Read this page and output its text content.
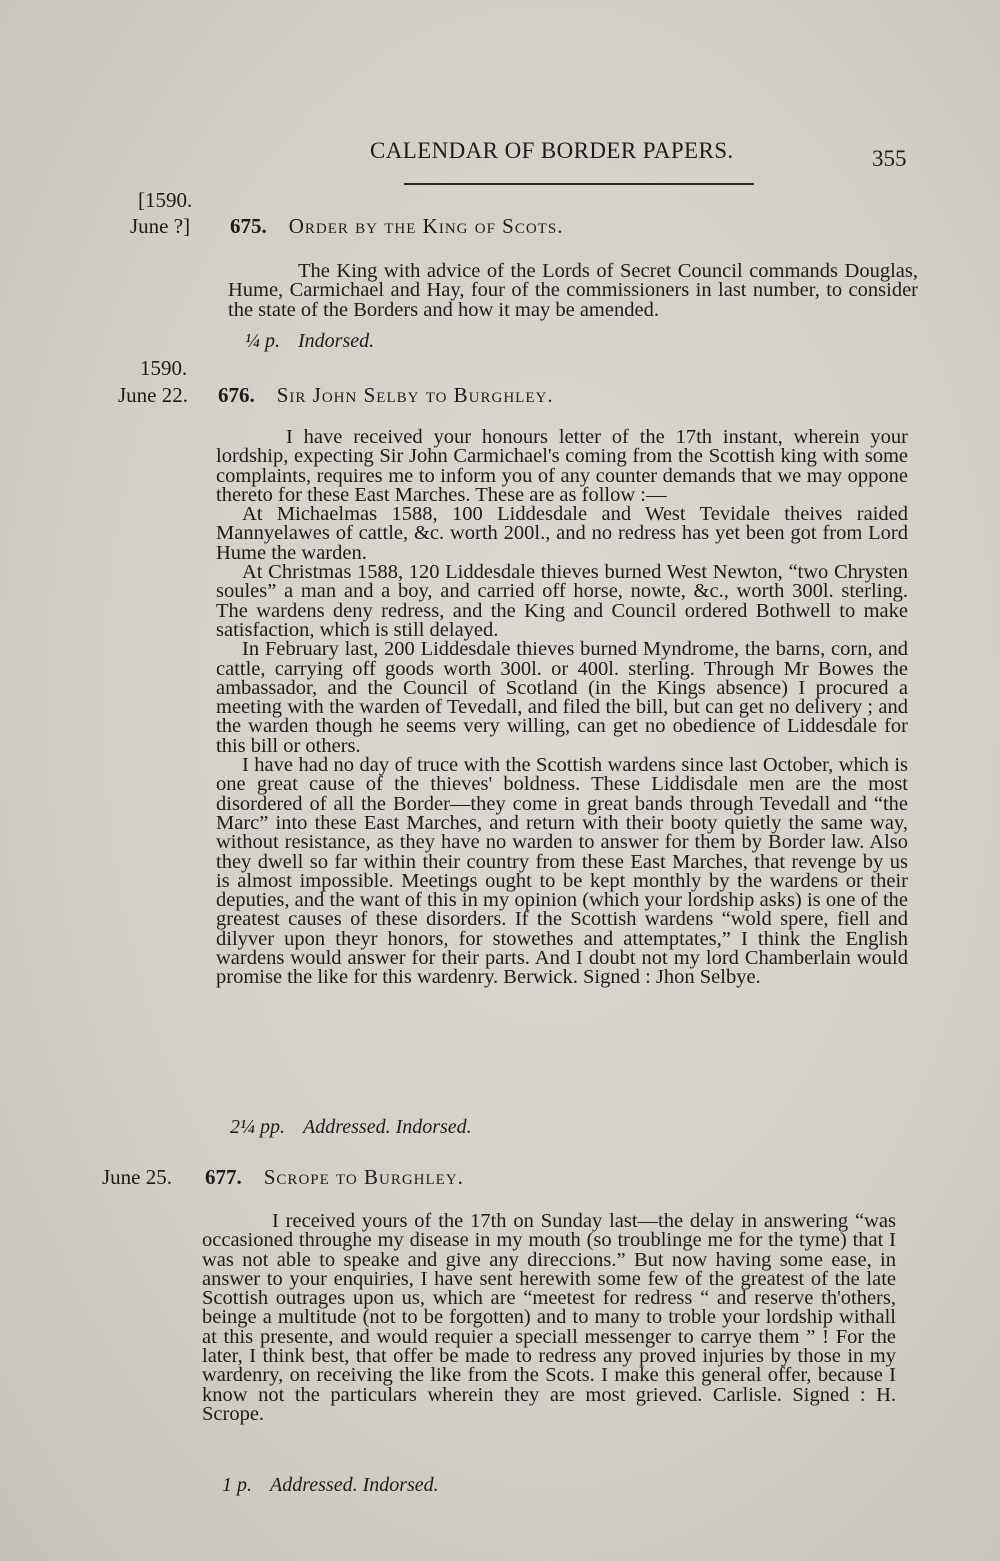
CALENDAR OF BORDER PAPERS.	355
[1590.
June ?] 675. Order by the King of Scots.

The King with advice of the Lords of Secret Council commands Douglas, Hume, Carmichael and Hay, four of the commissioners in last number, to consider the state of the Borders and how it may be amended.

¼ p. Indorsed.
1590.
June 22. 676. Sir John Selby to Burghley.

I have received your honours letter of the 17th instant, wherein your lordship, expecting Sir John Carmichael's coming from the Scottish king with some complaints, requires me to inform you of any counter demands that we may oppone thereto for these East Marches. These are as follow :—

At Michaelmas 1588, 100 Liddesdale and West Tevidale theives raided Mannyelawes of cattle, &c. worth 200l., and no redress has yet been got from Lord Hume the warden.

At Christmas 1588, 120 Liddesdale thieves burned West Newton, “two Chrysten soules” a man and a boy, and carried off horse, nowte, &c., worth 300l. sterling. The wardens deny redress, and the King and Council ordered Bothwell to make satisfaction, which is still delayed.

In February last, 200 Liddesdale thieves burned Myndrome, the barns, corn, and cattle, carrying off goods worth 300l. or 400l. sterling. Through Mr Bowes the ambassador, and the Council of Scotland (in the Kings absence) I procured a meeting with the warden of Tevedall, and filed the bill, but can get no delivery ; and the warden though he seems very willing, can get no obedience of Liddesdale for this bill or others.

I have had no day of truce with the Scottish wardens since last October, which is one great cause of the thieves' boldness. These Liddisdale men are the most disordered of all the Border—they come in great bands through Tevedall and “the Marc” into these East Marches, and return with their booty quietly the same way, without resistance, as they have no warden to answer for them by Border law. Also they dwell so far within their country from these East Marches, that revenge by us is almost impossible. Meetings ought to be kept monthly by the wardens or their deputies, and the want of this in my opinion (which your lordship asks) is one of the greatest causes of these disorders. If the Scottish wardens “wold spere, fiell and dilyver upon theyr honors, for stowethes and attemptates,” I think the English wardens would answer for their parts. And I doubt not my lord Chamberlain would promise the like for this wardenry. Berwick. Signed : Jhon Selbye.

2¼ pp. Addressed. Indorsed.
June 25. 677. Scrope to Burghley.

I received yours of the 17th on Sunday last—the delay in answering “was occasioned throughe my disease in my mouth (so troublinge me for the tyme) that I was not able to speake and give any direccions.” But now having some ease, in answer to your enquiries, I have sent herewith some few of the greatest of the late Scottish outrages upon us, which are “meetest for redress “ and reserve th'others, beinge a multitude (not to be forgotten) and to many to troble your lordship withall at this presente, and would requier a speciall messenger to carrye them ” ! For the later, I think best, that offer be made to redress any proved injuries by those in my wardenry, on receiving the like from the Scots. I make this general offer, because I know not the particulars wherein they are most grieved. Carlisle. Signed : H. Scrope.

1 p. Addressed. Indorsed.
